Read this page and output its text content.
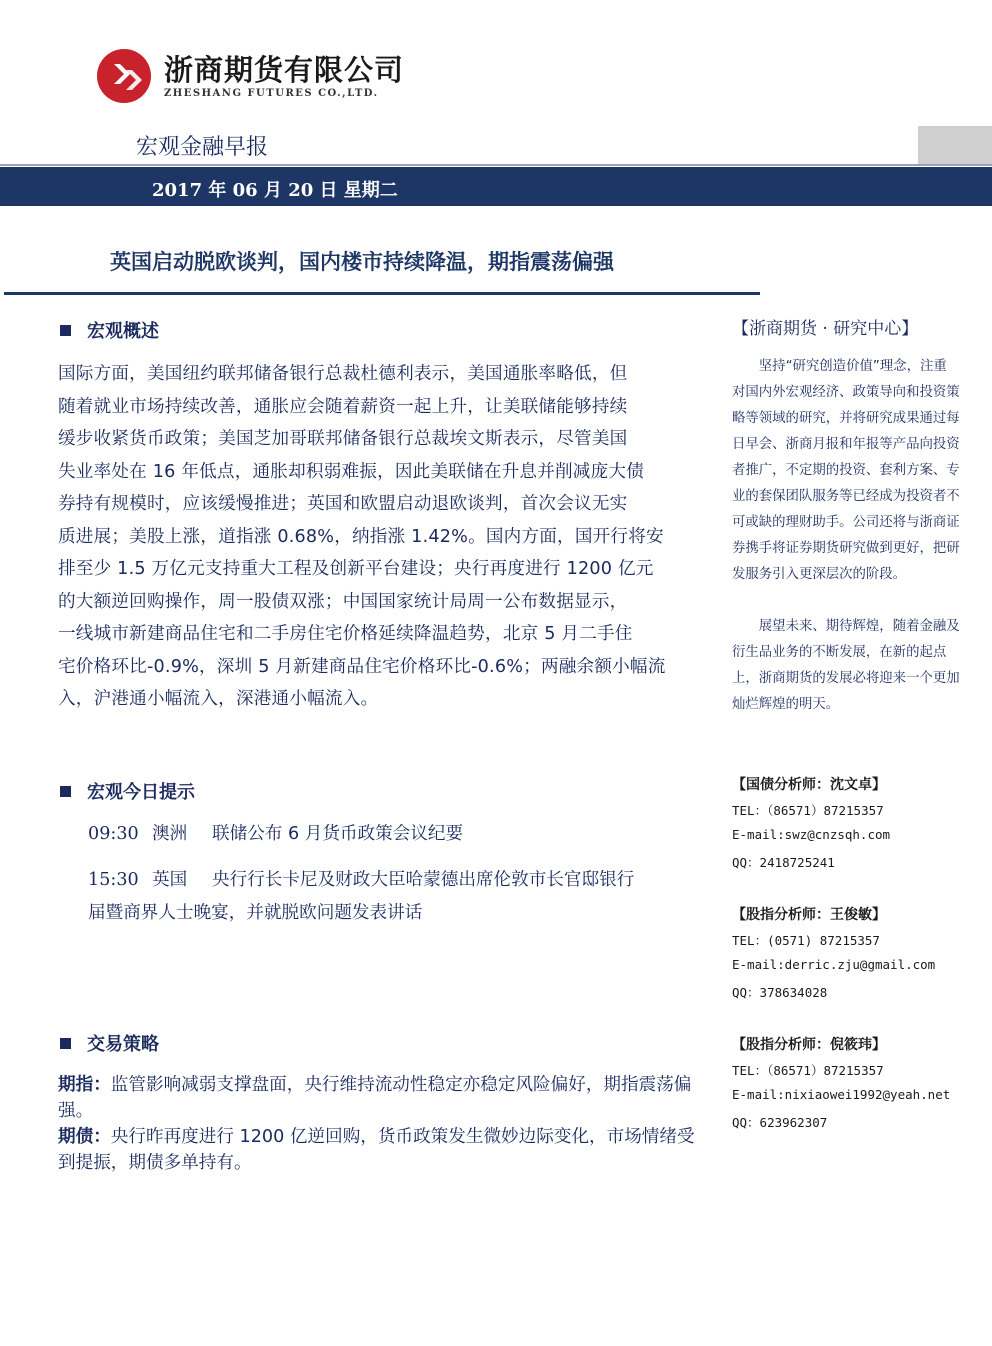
浙商期货有限公司
ZHESHANG FUTURES CO.,LTD.
宏观金融早报
2017 年 06 月 20 日 星期二
英国启动脱欧谈判，国内楼市持续降温，期指震荡偏强
宏观概述
国际方面，美国纽约联邦储备银行总裁杜德利表示，美国通胀率略低，但
随着就业市场持续改善，通胀应会随着薪资一起上升，让美联储能够持续
缓步收紧货币政策；美国芝加哥联邦储备银行总裁埃文斯表示，尽管美国
失业率处在 16 年低点，通胀却积弱难振，因此美联储在升息并削减庞大债
券持有规模时，应该缓慢推进；英国和欧盟启动退欧谈判，首次会议无实
质进展；美股上涨，道指涨 0.68%，纳指涨 1.42%。国内方面，国开行将安
排至少 1.5 万亿元支持重大工程及创新平台建设；央行再度进行 1200 亿元
的大额逆回购操作，周一股债双涨；中国国家统计局周一公布数据显示，
一线城市新建商品住宅和二手房住宅价格延续降温趋势，北京 5 月二手住
宅价格环比-0.9%，深圳 5 月新建商品住宅价格环比-0.6%；两融余额小幅流
入，沪港通小幅流入，深港通小幅流入。
宏观今日提示
09:30 澳洲 联储公布 6 月货币政策会议纪要
15:30 英国 央行行长卡尼及财政大臣哈蒙德出席伦敦市长官邸银行
届暨商界人士晚宴，并就脱欧问题发表讲话
交易策略
期指：监管影响减弱支撑盘面，央行维持流动性稳定亦稳定风险偏好，期指震荡偏强。
期债：央行昨再度进行 1200 亿逆回购，货币政策发生微妙边际变化，市场情绪受到提振，期债多单持有。
【浙商期货 · 研究中心】
坚持“研究创造价值”理念，注重对国内外宏观经济、政策导向和投资策略等领域的研究，并将研究成果通过每日早会、浙商月报和年报等产品向投资者推广，不定期的投资、套利方案、专业的套保团队服务等已经成为投资者不可或缺的理财助手。公司还将与浙商证券携手将证券期货研究做到更好，把研发服务引入更深层次的阶段。
展望未来、期待辉煌，随着金融及衍生品业务的不断发展，在新的起点上，浙商期货的发展必将迎来一个更加灿烂辉煌的明天。
【国债分析师：沈文卓】
TEL：（86571）87215357
E-mail:swz@cnzsqh.com
QQ：2418725241
【股指分析师：王俊敏】
TEL：(0571) 87215357
E-mail:derric.zju@gmail.com
QQ：378634028
【股指分析师：倪筱玮】
TEL：（86571）87215357
E-mail:nixiaowei1992@yeah.net
QQ：623962307
